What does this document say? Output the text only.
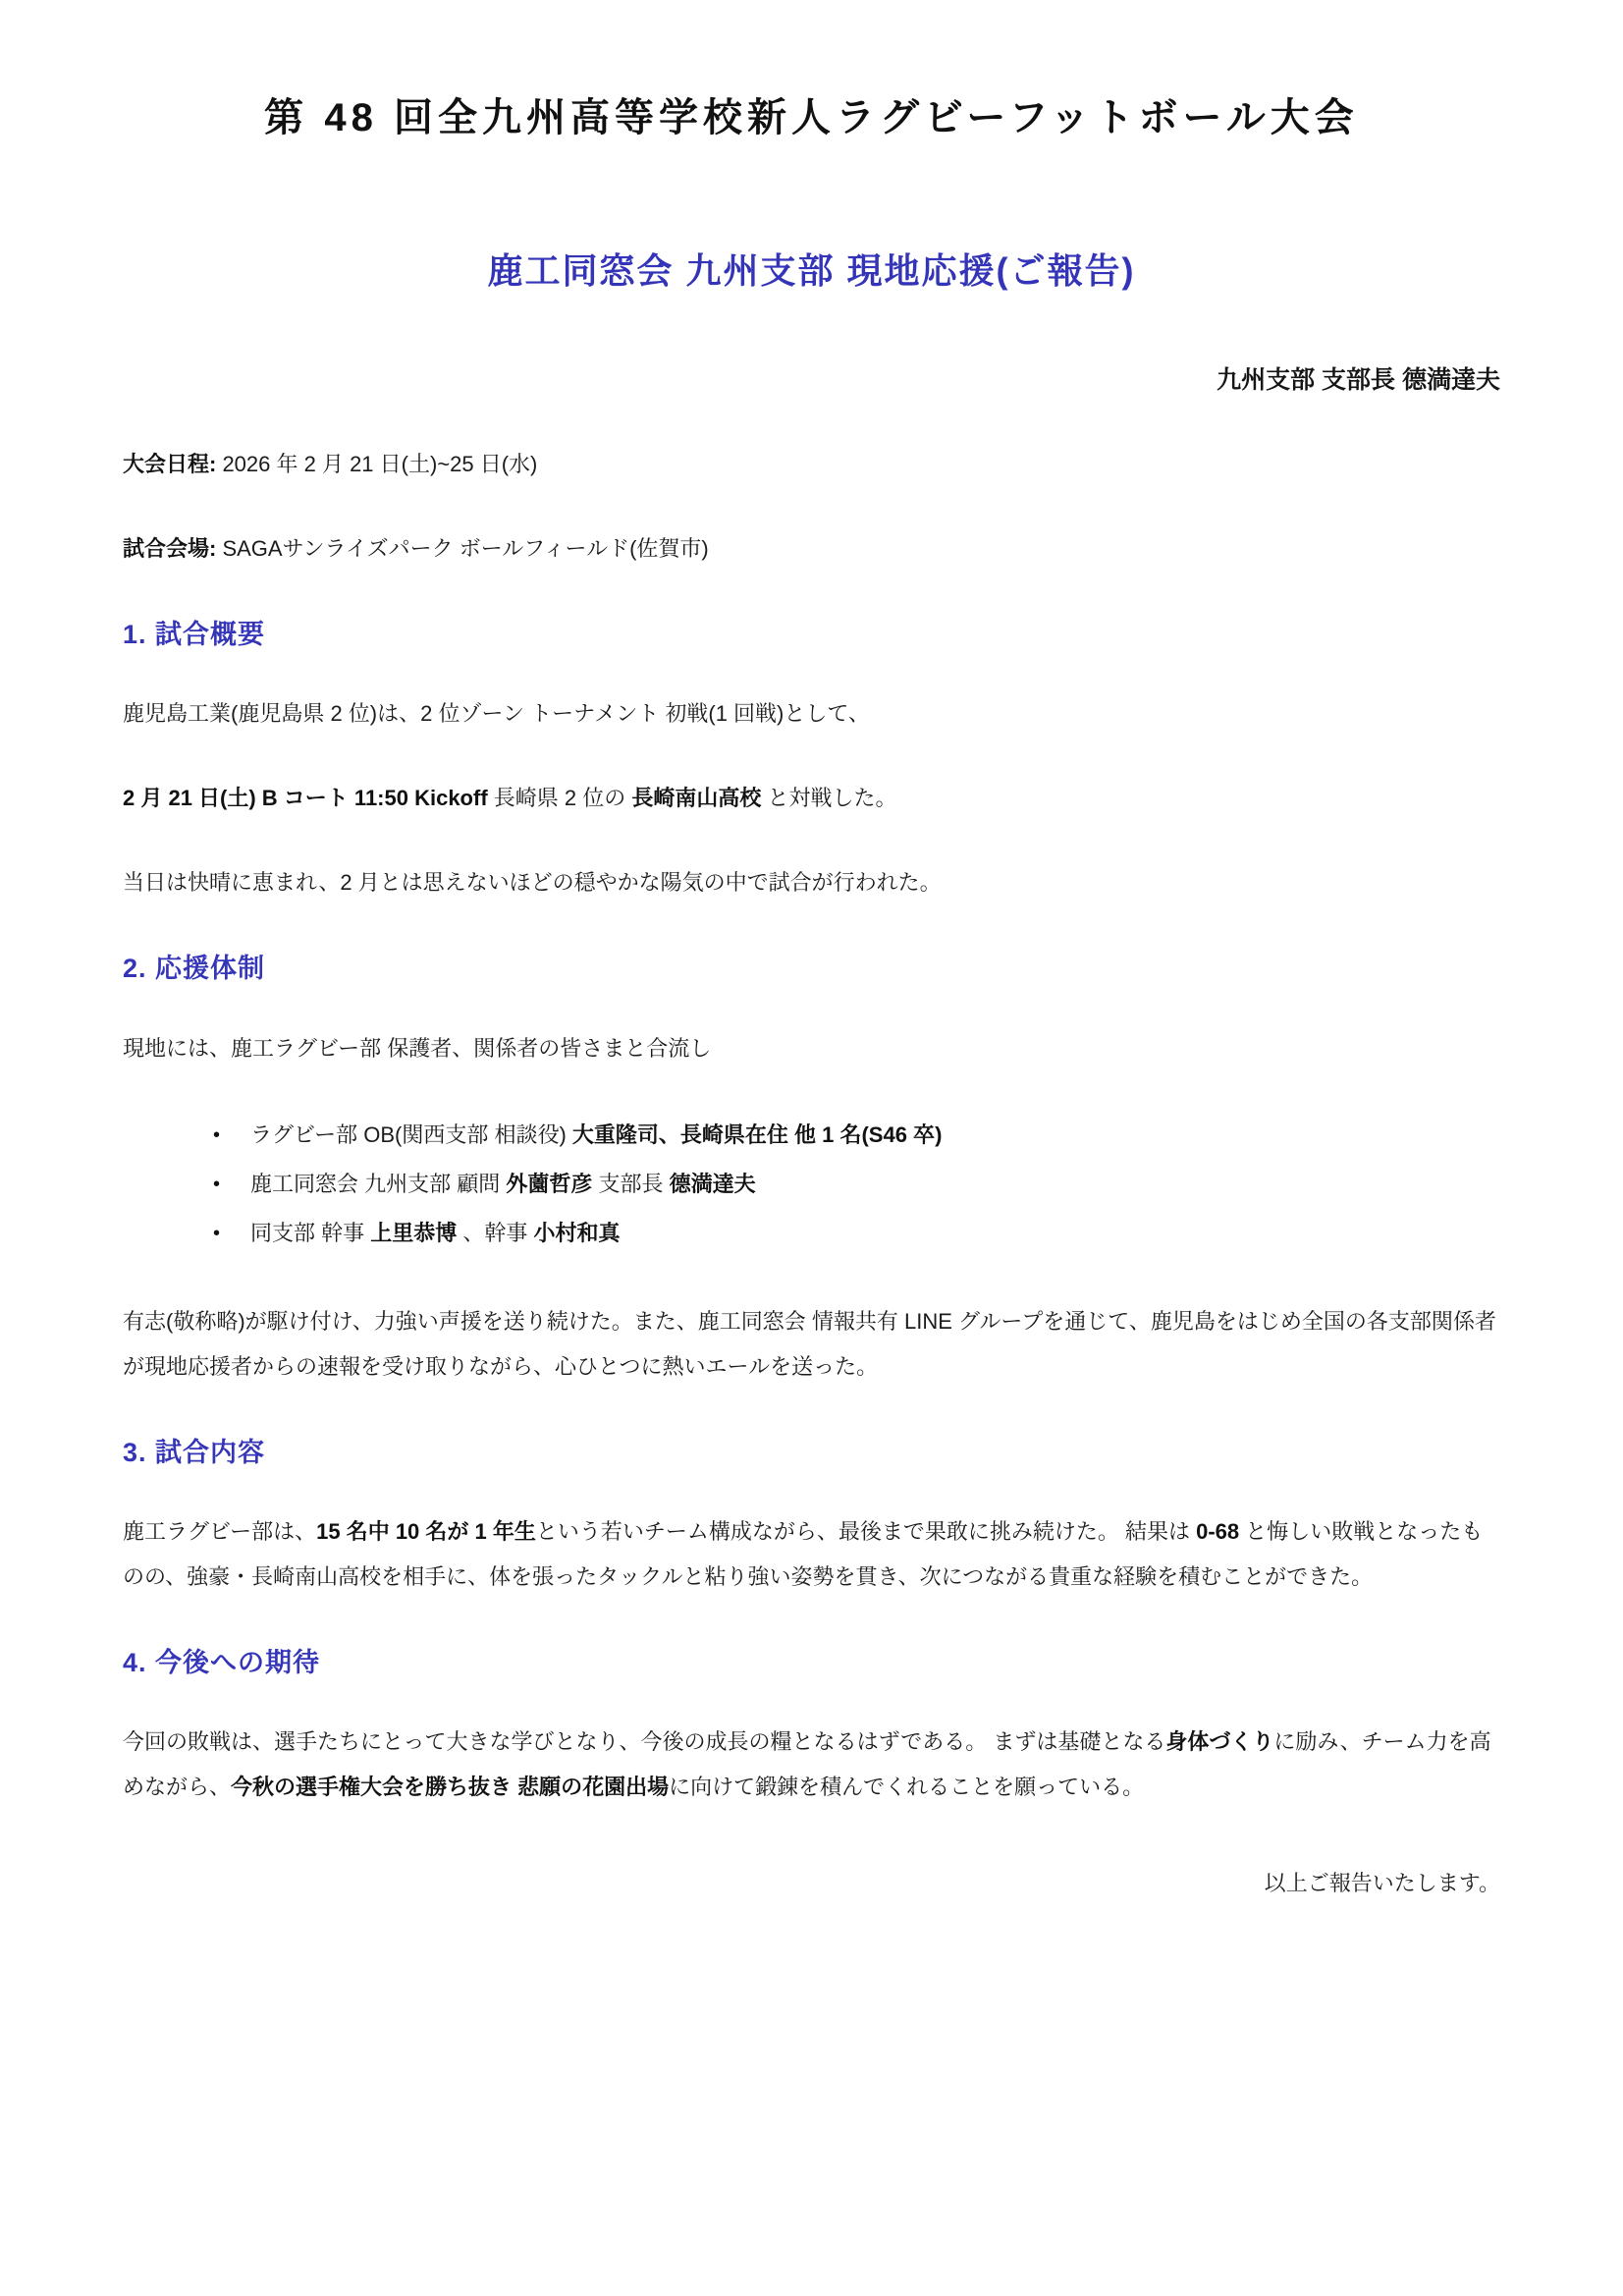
第 48 回全九州高等学校新人ラグビーフットボール大会
鹿工同窓会 九州支部 現地応援(ご報告)

九州支部 支部長 德満達夫

大会日程: 2026 年 2 月 21 日(土)~25 日(水)

試合会場: SAGAサンライズパーク ボールフィールド(佐賀市)

1. 試合概要

鹿児島工業(鹿児島県 2 位)は、2 位ゾーン トーナメント 初戦(1 回戦)として、

2 月 21 日(土) B コート 11:50 Kickoff 長崎県 2 位の 長崎南山高校 と対戦した。

当日は快晴に恵まれ、2 月とは思えないほどの穏やかな陽気の中で試合が行われた。

2. 応援体制

現地には、鹿工ラグビー部 保護者、関係者の皆さまと合流し

• ラグビー部 OB(関西支部 相談役) 大重隆司、長崎県在住 他 1 名(S46 卒)
• 鹿工同窓会 九州支部 顧問 外薗哲彦 支部長 德満達夫
• 同支部 幹事 上里恭博 、幹事 小村和真

有志(敬称略)が駆け付け、力強い声援を送り続けた。また、鹿工同窓会 情報共有 LINE グループを通じて、鹿児島をはじめ全国の各支部関係者が現地応援者からの速報を受け取りながら、心ひとつに熱いエールを送った。

3. 試合内容

鹿工ラグビー部は、15 名中 10 名が 1 年生という若いチーム構成ながら、最後まで果敢に挑み続けた。 結果は 0-68 と悔しい敗戦となったものの、強豪・長崎南山高校を相手に、体を張ったタックルと粘り強い姿勢を貫き、次につながる貴重な経験を積むことができた。

4. 今後への期待

今回の敗戦は、選手たちにとって大きな学びとなり、今後の成長の糧となるはずである。 まずは基礎となる身体づくりに励み、チーム力を高めながら、今秋の選手権大会を勝ち抜き 悲願の花園出場に向けて鍛錬を積んでくれることを願っている。

以上ご報告いたします。
